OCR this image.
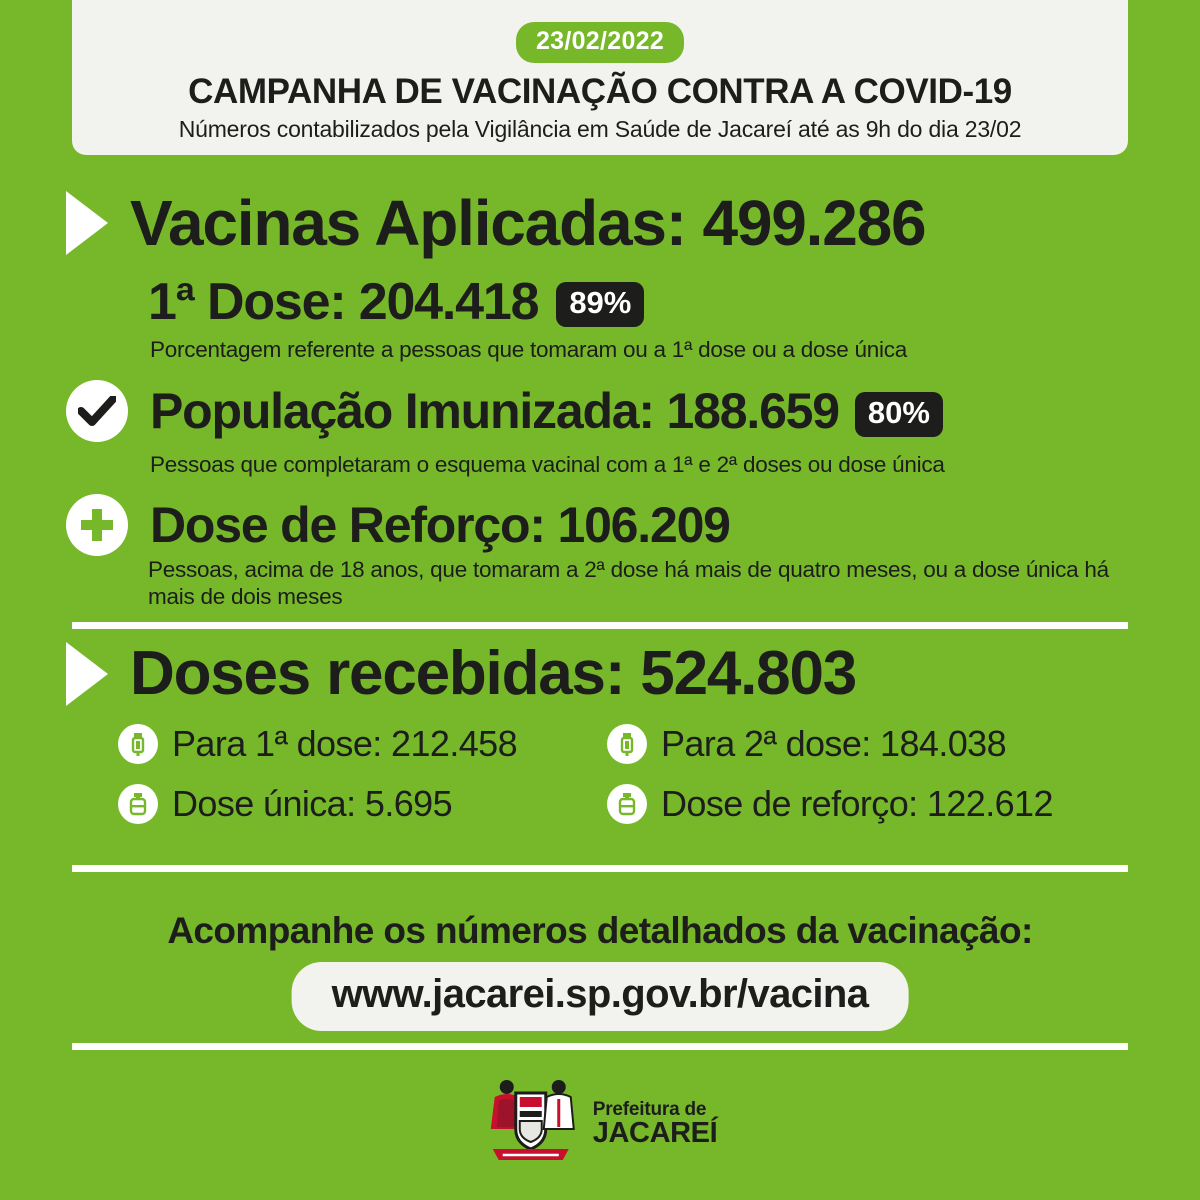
23/02/2022
CAMPANHA DE VACINAÇÃO CONTRA A COVID-19
Números contabilizados pela Vigilância em Saúde de Jacareí até as 9h do dia 23/02
Vacinas Aplicadas: 499.286
1ª Dose: 204.418	89%
Porcentagem referente a pessoas que tomaram ou a 1ª dose ou a dose única
População Imunizada: 188.659 80%
Pessoas que completaram o esquema vacinal com a 1ª e 2ª doses ou dose única
Dose de Reforço: 106.209
Pessoas, acima de 18 anos, que tomaram a 2ª dose há mais de quatro meses, ou a dose única há mais de dois meses
Doses recebidas: 524.803
Para 1ª dose: 212.458	Para 2ª dose: 184.038
Dose única: 5.695	Dose de reforço: 122.612
Acompanhe os números detalhados da vacinação:
www.jacarei.sp.gov.br/vacina
Prefeitura de
JACAREÍ
